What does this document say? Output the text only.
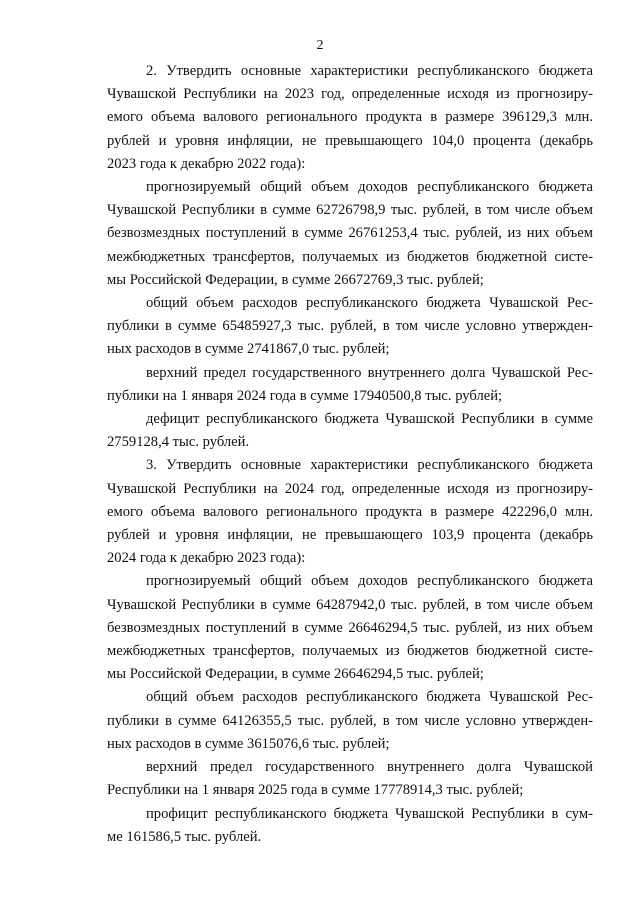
2
2. Утвердить основные характеристики республиканского бюджета
Чувашской Республики на 2023 год, определенные исходя из прогнозиру-
емого объема валового регионального продукта в размере 396129,3 млн.
рублей и уровня инфляции, не превышающего 104,0 процента (декабрь
2023 года к декабрю 2022 года):
прогнозируемый общий объем доходов республиканского бюджета
Чувашской Республики в сумме 62726798,9 тыс. рублей, в том числе объем
безвозмездных поступлений в сумме 26761253,4 тыс. рублей, из них объем
межбюджетных трансфертов, получаемых из бюджетов бюджетной систе-
мы Российской Федерации, в сумме 26672769,3 тыс. рублей;
общий объем расходов республиканского бюджета Чувашской Рес-
публики в сумме 65485927,3 тыс. рублей, в том числе условно утвержден-
ных расходов в сумме 2741867,0 тыс. рублей;
верхний предел государственного внутреннего долга Чувашской Рес-
публики на 1 января 2024 года в сумме 17940500,8 тыс. рублей;
дефицит республиканского бюджета Чувашской Республики в сумме
2759128,4 тыс. рублей.
3. Утвердить основные характеристики республиканского бюджета
Чувашской Республики на 2024 год, определенные исходя из прогнозиру-
емого объема валового регионального продукта в размере 422296,0 млн.
рублей и уровня инфляции, не превышающего 103,9 процента (декабрь
2024 года к декабрю 2023 года):
прогнозируемый общий объем доходов республиканского бюджета
Чувашской Республики в сумме 64287942,0 тыс. рублей, в том числе объем
безвозмездных поступлений в сумме 26646294,5 тыс. рублей, из них объем
межбюджетных трансфертов, получаемых из бюджетов бюджетной систе-
мы Российской Федерации, в сумме 26646294,5 тыс. рублей;
общий объем расходов республиканского бюджета Чувашской Рес-
публики в сумме 64126355,5 тыс. рублей, в том числе условно утвержден-
ных расходов в сумме 3615076,6 тыс. рублей;
верхний предел государственного внутреннего долга Чувашской
Республики на 1 января 2025 года в сумме 17778914,3 тыс. рублей;
профицит республиканского бюджета Чувашской Республики в сум-
ме 161586,5 тыс. рублей.
